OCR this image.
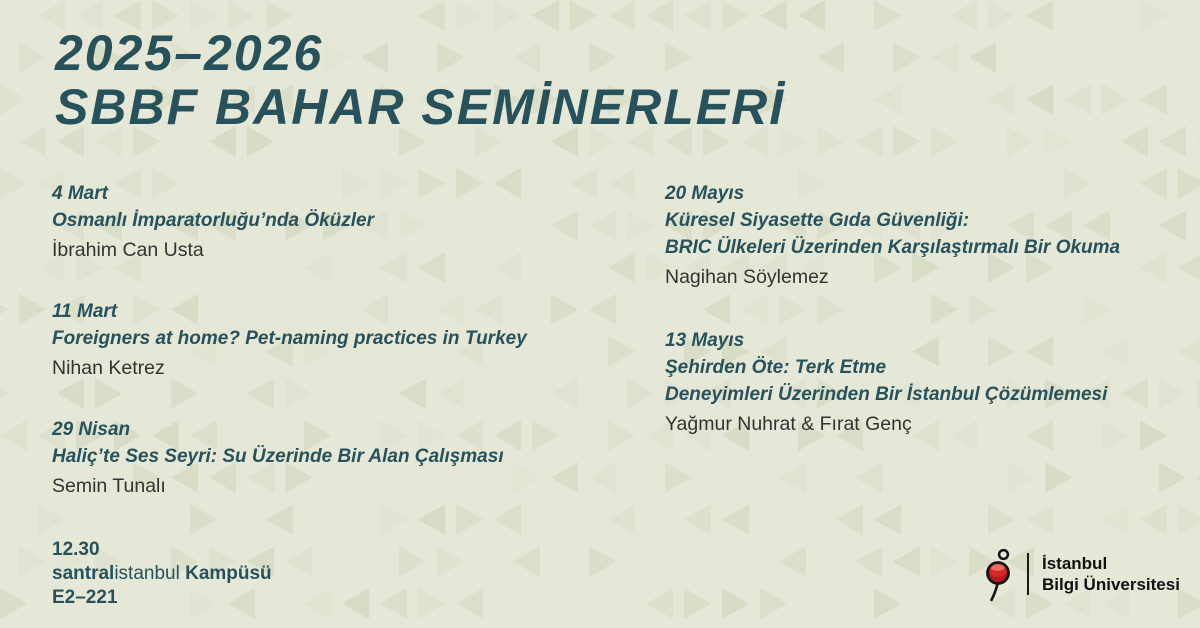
2025–2026
SBBF BAHAR SEMİNERLERİ
4 Mart
Osmanlı İmparatorluğu’nda Öküzler
İbrahim Can Usta
11 Mart
Foreigners at home? Pet-naming practices in Turkey
Nihan Ketrez
29 Nisan
Haliç’te Ses Seyri: Su Üzerinde Bir Alan Çalışması
Semin Tunalı
20 Mayıs
Küresel Siyasette Gıda Güvenliği:
BRIC Ülkeleri Üzerinden Karşılaştırmalı Bir Okuma
Nagihan Söylemez
13 Mayıs
Şehirden Öte: Terk Etme
Deneyimleri Üzerinden Bir İstanbul Çözümlemesi
Yağmur Nuhrat & Fırat Genç
12.30
santralistanbul Kampüsü
E2–221
İstanbul
Bilgi Üniversitesi
